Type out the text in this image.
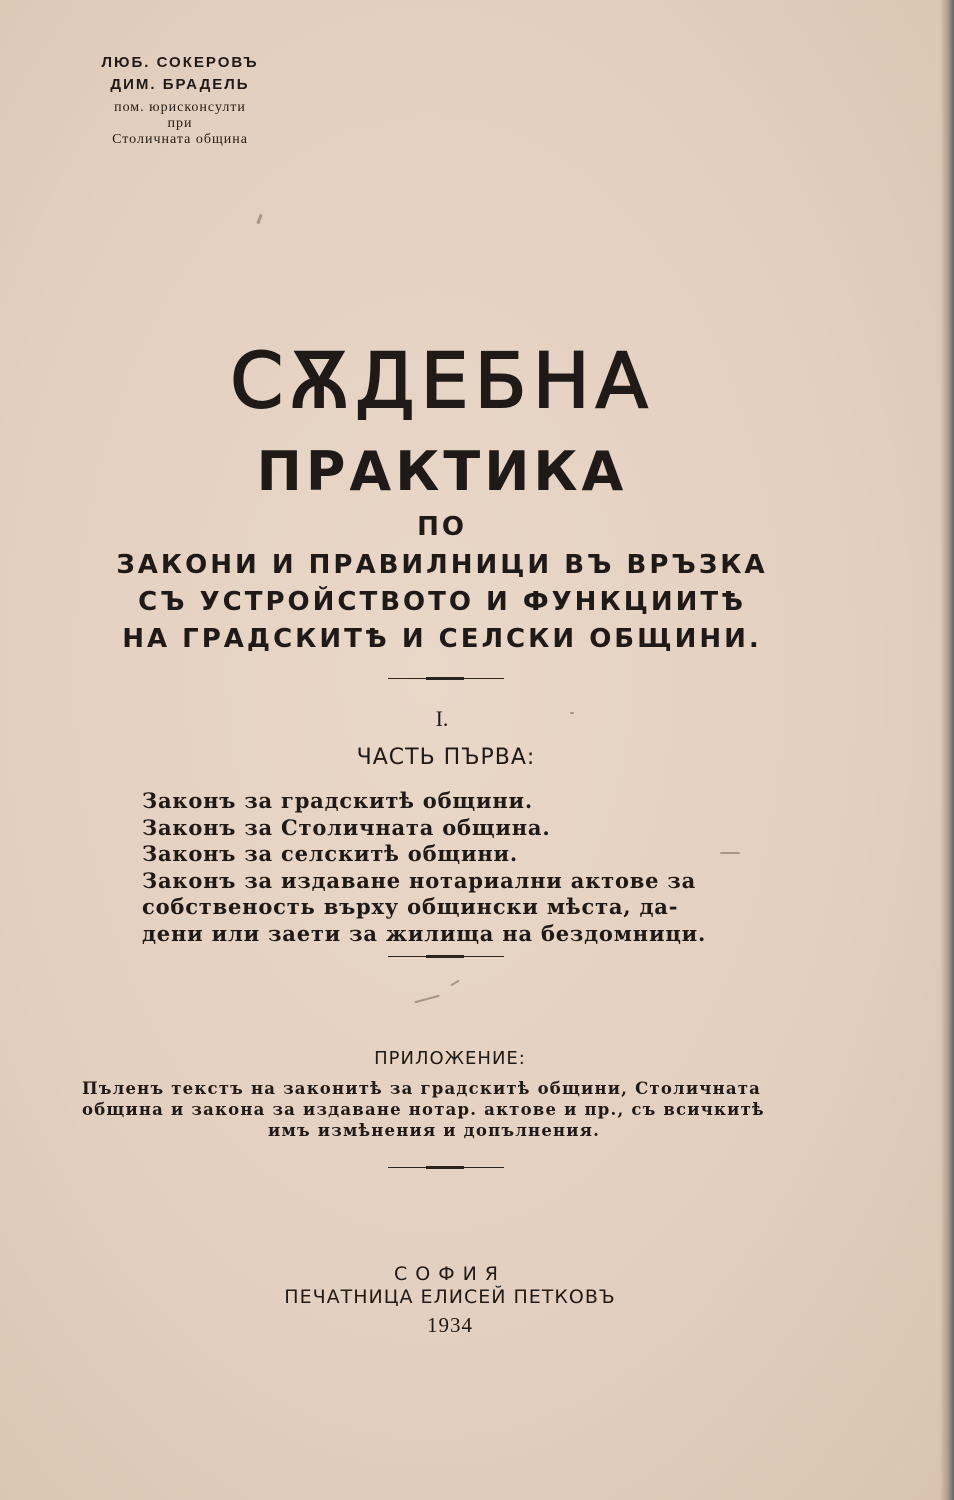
ЛЮБ. СОКЕРОВЪ
ДИМ. БРАДЕЛЬ
пом. юрисконсулти
при
Столичната община
СѪДЕБНА
ПРАКТИКА
ПО
ЗАКОНИ И ПРАВИЛНИЦИ ВЪ ВРЪЗКА
СЪ УСТРОЙСТВОТО И ФУНКЦИИТѢ
НА ГРАДСКИТѢ И СЕЛСКИ ОБЩИНИ.
I.
ЧАСТЬ ПЪРВА:
Законъ за градскитѣ общини.
Законъ за Столичната община.
Законъ за селскитѣ общини.
Законъ за издаване нотариални актове за
собственость върху общински мѣста, да-
дени или заети за жилища на бездомници.
ПРИЛОЖЕНИЕ:
Пъленъ текстъ на законитѣ за градскитѣ общини, Столичната
община и закона за издаване нотар. актове и пр., съ всичкитѣ
имъ измѣнения и допълнения.
СОФИЯ
ПЕЧАТНИЦА ЕЛИСЕЙ ПЕТКОВЪ
1934
